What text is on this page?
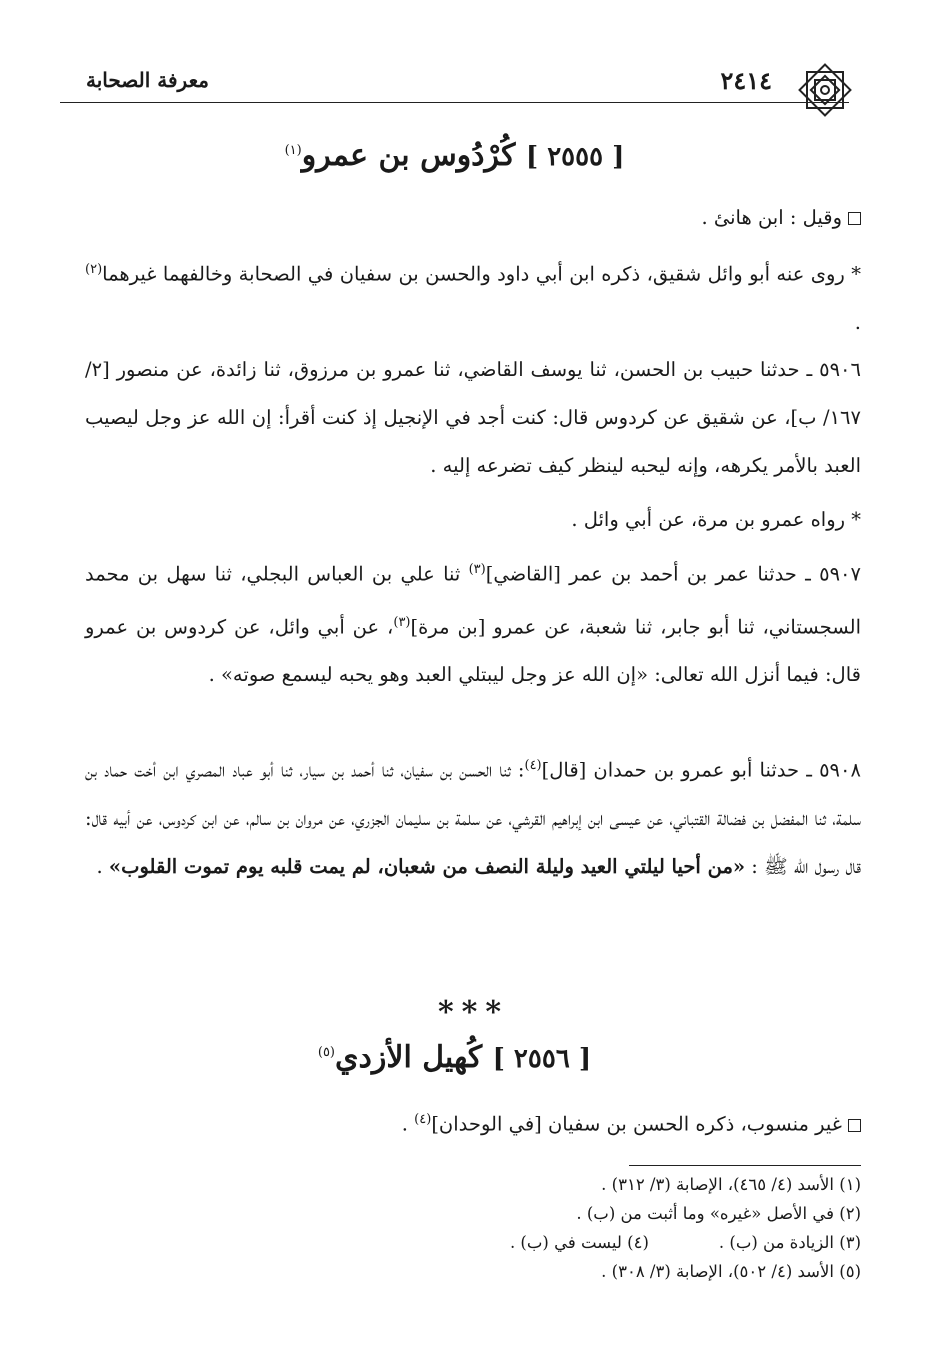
٢٤١٤
معرفة الصحابة
[ ٢٥٥٥ ] كُرْدُوس بن عمرو$^{(١)}$

وقيل : ابن هانئ .

* روى عنه أبو وائل شقيق، ذكره ابن أبي داود والحسن بن سفيان في الصحابة وخالفهما غيرهما$^{(٢)}$ .

٥٩٠٦ ـ حدثنا حبيب بن الحسن، ثنا يوسف القاضي، ثنا عمرو بن مرزوق، ثنا زائدة، عن منصور [٢/ ١٦٧/ ب]، عن شقيق عن كردوس قال: كنت أجد في الإنجيل إذ كنت أقرأ: إن الله عز وجل ليصيب العبد بالأمر يكرهه، وإنه ليحبه لينظر كيف تضرعه إليه .

* رواه عمرو بن مرة، عن أبي وائل .

٥٩٠٧ ـ حدثنا عمر بن أحمد بن عمر [القاضي]$^{(٣)}$ ثنا علي بن العباس البجلي، ثنا سهل بن محمد السجستاني، ثنا أبو جابر، ثنا شعبة، عن عمرو [بن مرة]$^{(٣)}$، عن أبي وائل، عن كردوس بن عمرو قال: فيما أنزل الله تعالى: «إن الله عز وجل ليبتلي العبد وهو يحبه ليسمع صوته» .

٥٩٠٨ ـ حدثنا أبو عمرو بن حمدان [قال]$^{(٤)}$: ثنا الحسن بن سفيان، ثنا أحمد بن سيار، ثنا أبو عباد المصري ابن أخت حماد بن سلمة، ثنا المفضل بن فضالة القتباني، عن عيسى ابن إبراهيم القرشي، عن سلمة بن سليمان الجزري، عن مروان بن سالم، عن ابن كردوس، عن أبيه قال: قال رسول الله ﷺ : «من أحيا ليلتي العيد وليلة النصف من شعبان، لم يمت قلبه يوم تموت القلوب» .

***
[ ٢٥٥٦ ] كُهيل الأزدي$^{(٥)}$

غير منسوب، ذكره الحسن بن سفيان [في الوحدان]$^{(٤)}$ .

(١) الأسد (٤/ ٤٦٥)، الإصابة (٣/ ٣١٢) .
(٢) في الأصل «غيره» وما أثبت من (ب) .
(٣) الزيادة من (ب) .(٤) ليست في (ب) .
(٥) الأسد (٤/ ٥٠٢)، الإصابة (٣/ ٣٠٨) .
